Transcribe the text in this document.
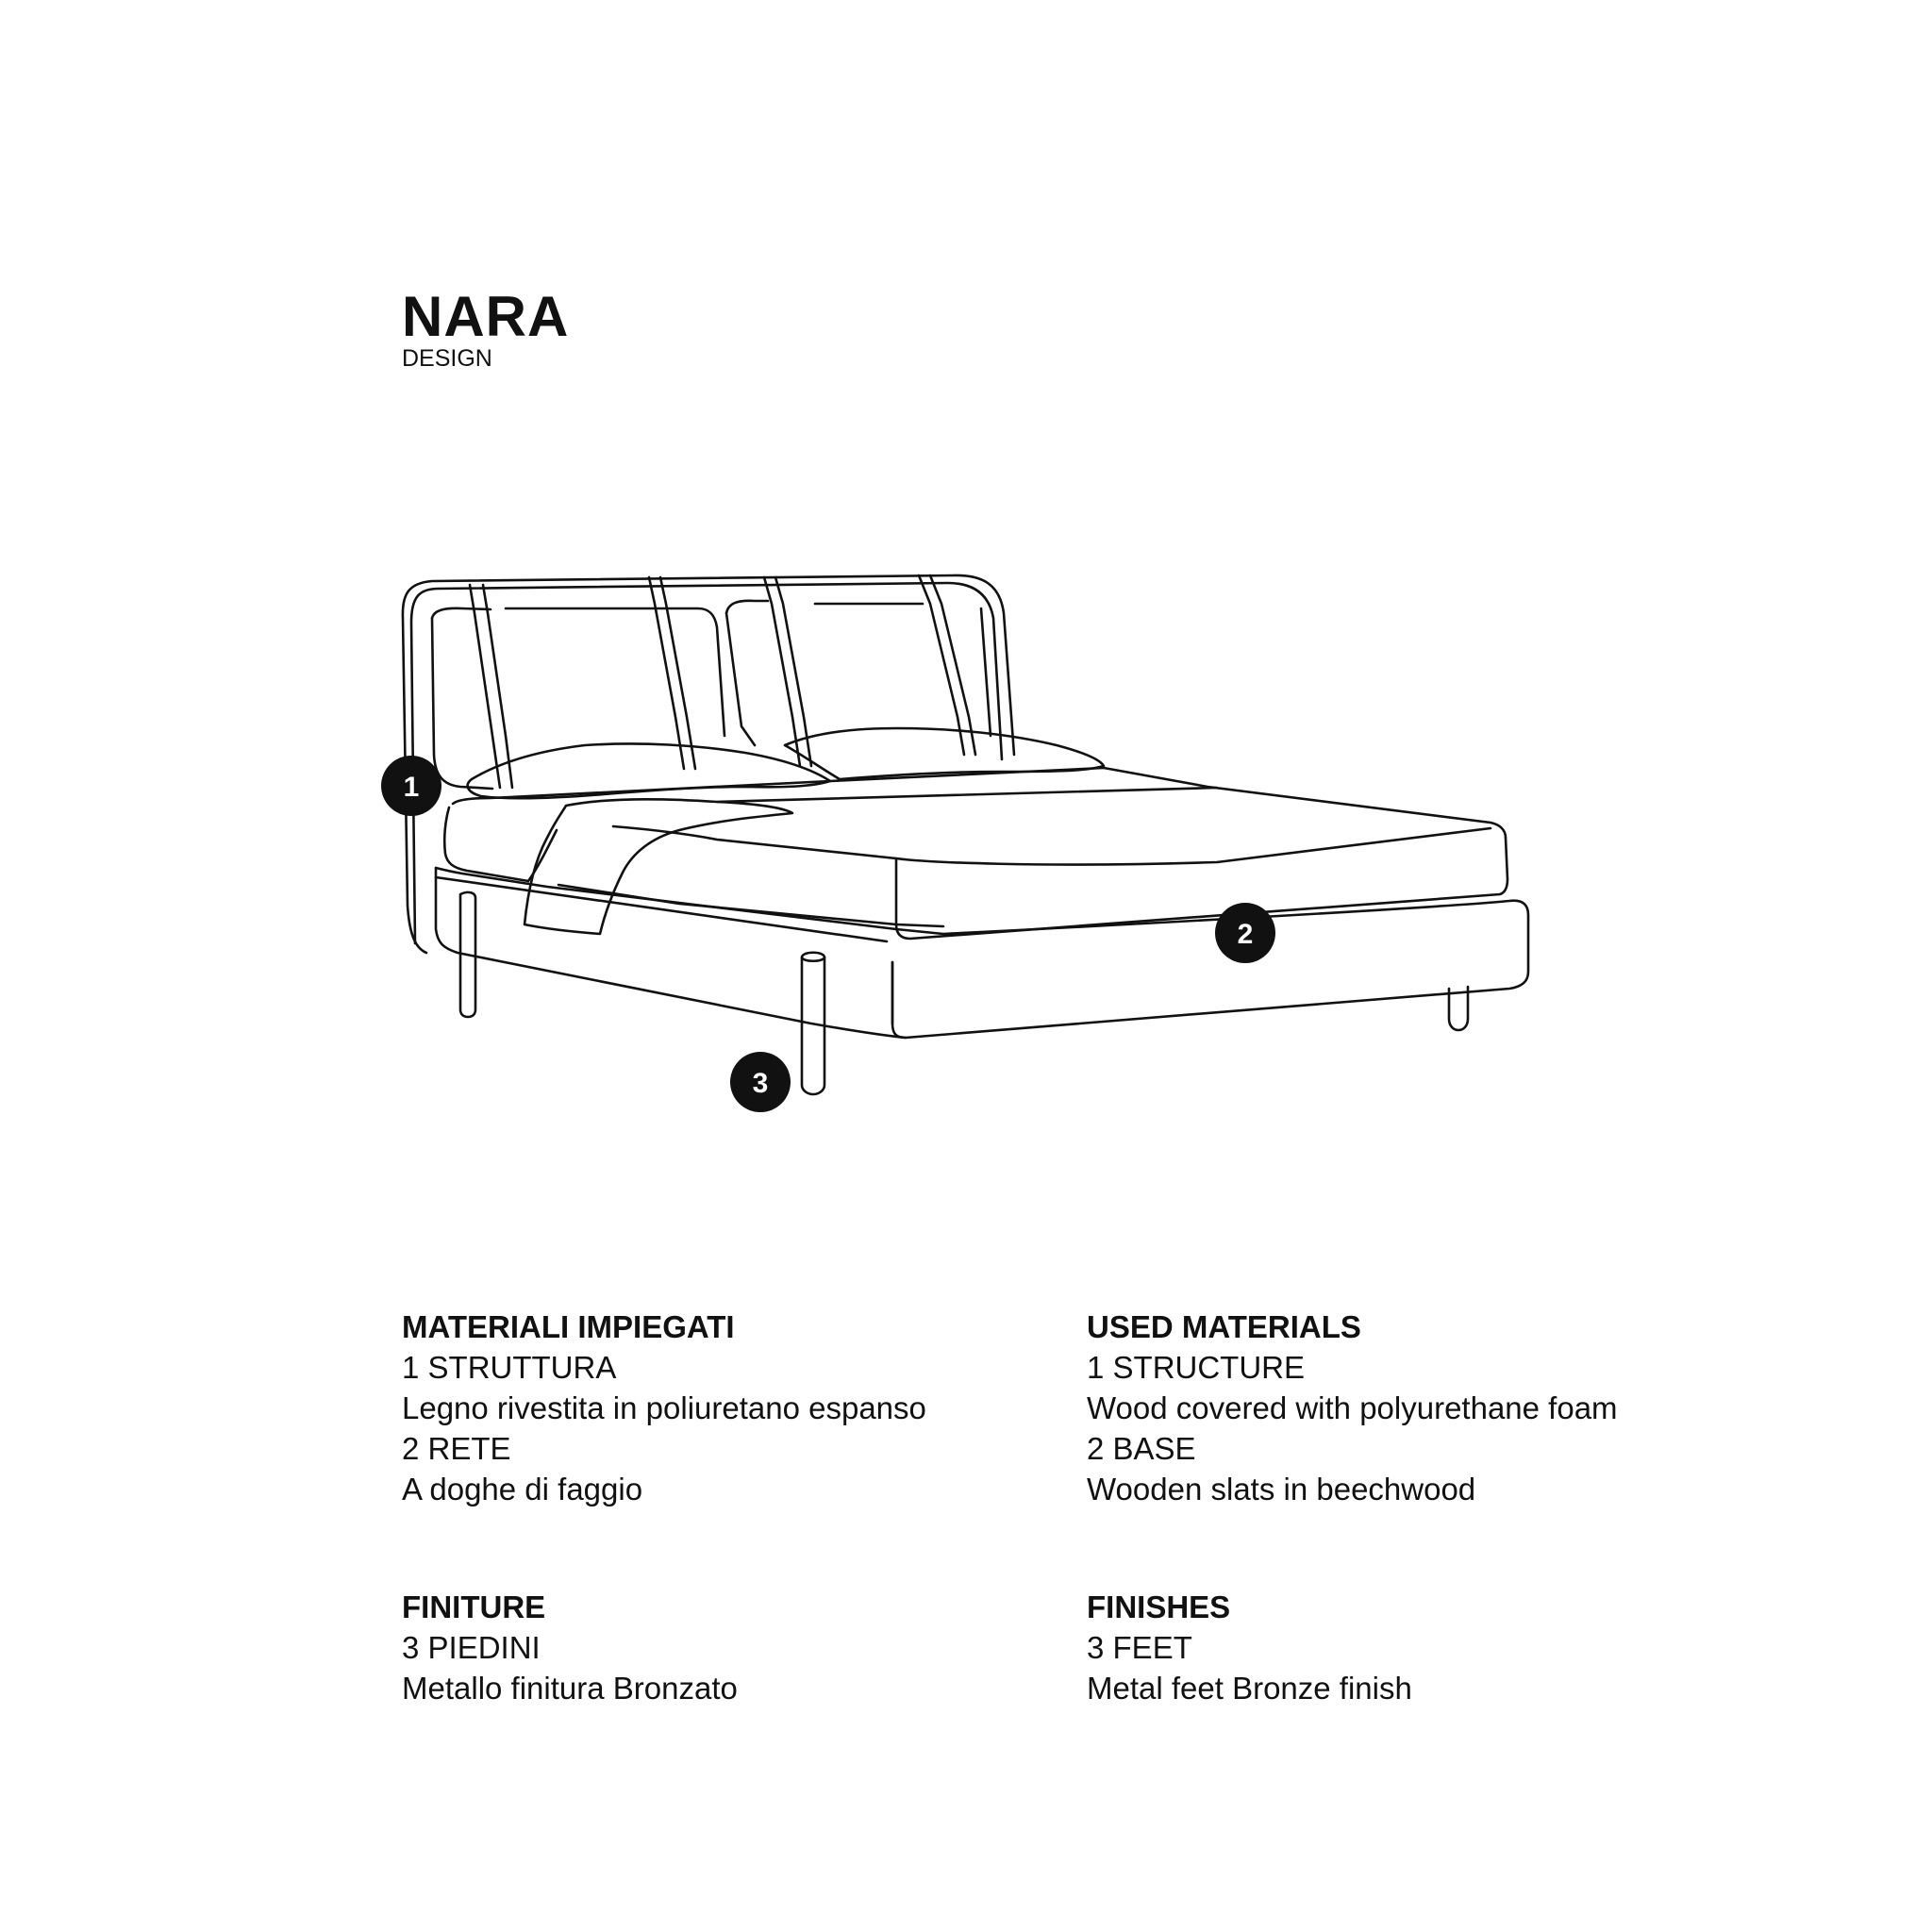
NARA
DESIGN
1
2
3
MATERIALI IMPIEGATI
1 STRUTTURA
Legno rivestita in poliuretano espanso
2 RETE
A doghe di faggio
USED MATERIALS
1 STRUCTURE
Wood covered with polyurethane foam
2 BASE
Wooden slats in beechwood
FINITURE
3 PIEDINI
Metallo finitura Bronzato
FINISHES
3 FEET
Metal feet Bronze finish
